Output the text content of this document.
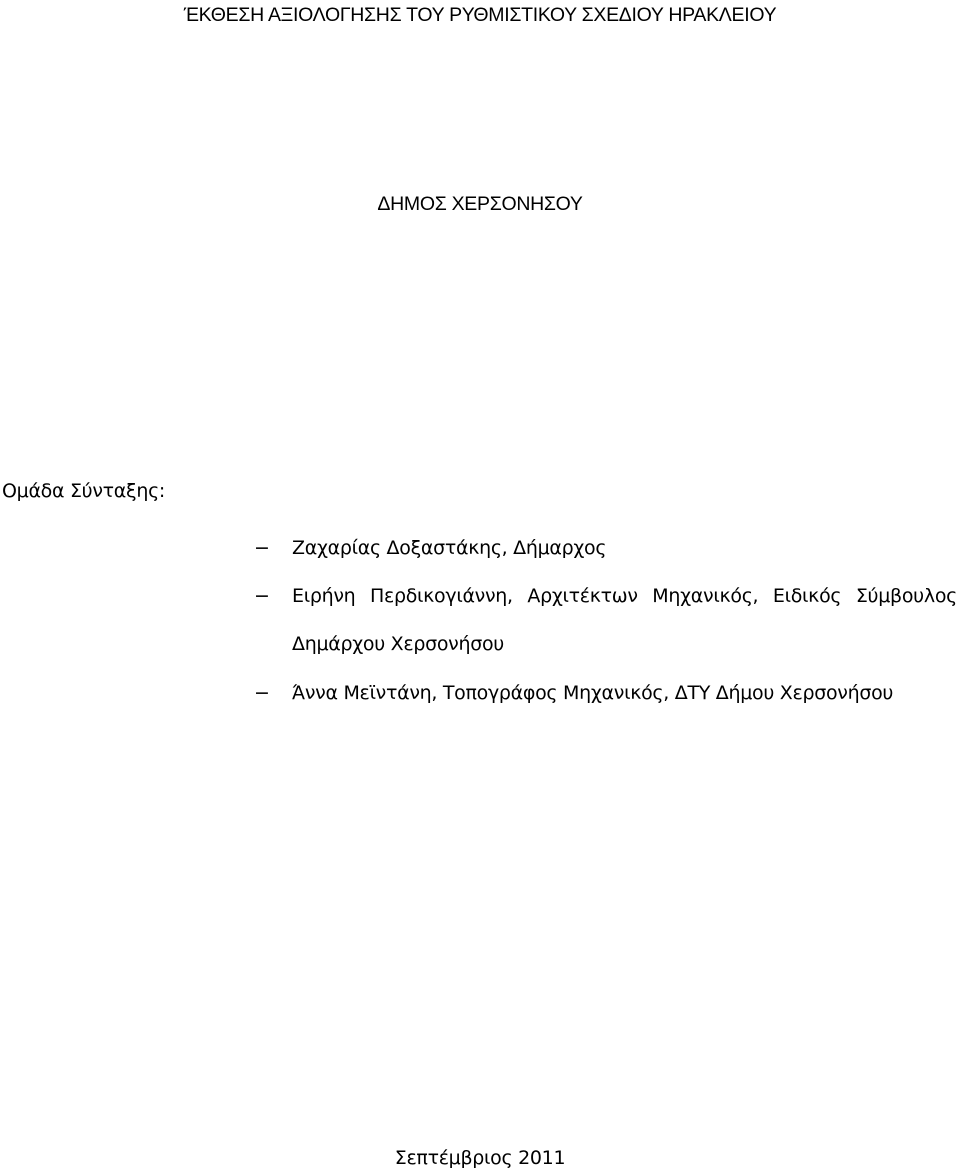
ΈΚΘΕΣΗ ΑΞΙΟΛΟΓΗΣΗΣ ΤΟΥ ΡΥΘΜΙΣΤΙΚΟΥ ΣΧΕΔΙΟΥ ΗΡΑΚΛΕΙΟΥ
ΔΗΜΟΣ ΧΕΡΣΟΝΗΣΟΥ
Ομάδα Σύνταξης:
− Ζαχαρίας Δοξαστάκης, Δήμαρχος
− Ειρήνη Περδικογιάννη, Αρχιτέκτων Μηχανικός, Ειδικός Σύμβουλος Δημάρχου Χερσονήσου
− Άννα Μεϊντάνη, Τοπογράφος Μηχανικός, ΔΤΥ Δήμου Χερσονήσου
Σεπτέμβριος 2011
